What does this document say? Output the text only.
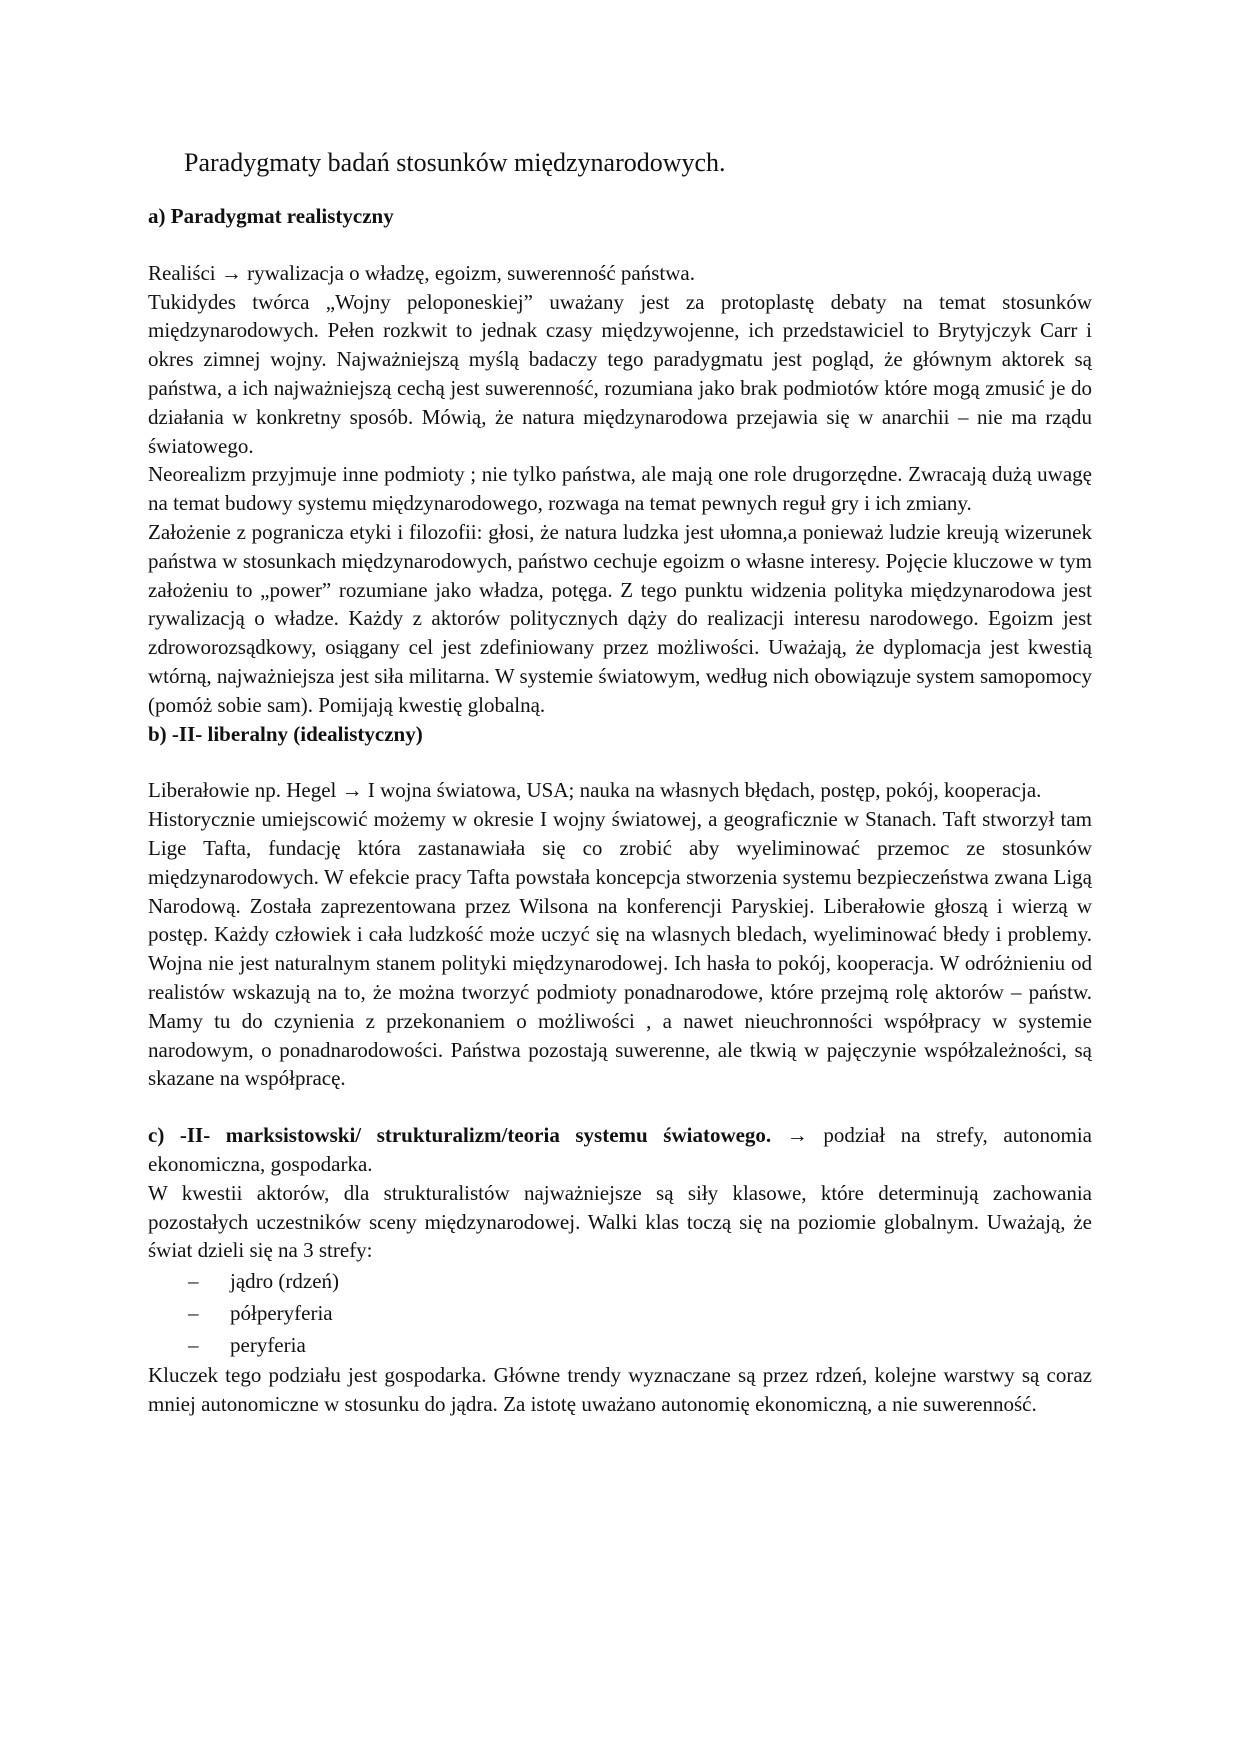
Paradygmaty badań stosunków międzynarodowych.
a) Paradygmat realistyczny

Realiści → rywalizacja o władzę, egoizm, suwerenność państwa.

Tukidydes twórca „Wojny peloponeskiej” uważany jest za protoplastę debaty na temat stosunków międzynarodowych. Pełen rozkwit to jednak czasy międzywojenne, ich przedstawiciel to Brytyjczyk Carr i okres zimnej wojny. Najważniejszą myślą badaczy tego paradygmatu jest pogląd, że głównym aktorek są państwa, a ich najważniejszą cechą jest suwerenność, rozumiana jako brak podmiotów które mogą zmusić je do działania w konkretny sposób. Mówią, że natura międzynarodowa przejawia się w anarchii – nie ma rządu światowego.

Neorealizm przyjmuje inne podmioty ; nie tylko państwa, ale mają one role drugorzędne. Zwracają dużą uwagę na temat budowy systemu międzynarodowego, rozwaga na temat pewnych reguł gry i ich zmiany.

Założenie z pogranicza etyki i filozofii: głosi, że natura ludzka jest ułomna,a ponieważ ludzie kreują wizerunek państwa w stosunkach międzynarodowych, państwo cechuje egoizm o własne interesy. Pojęcie kluczowe w tym założeniu to „power” rozumiane jako władza, potęga. Z tego punktu widzenia polityka międzynarodowa jest rywalizacją o władze. Każdy z aktorów politycznych dąży do realizacji interesu narodowego. Egoizm jest zdroworozsądkowy, osiągany cel jest zdefiniowany przez możliwości. Uważają, że dyplomacja jest kwestią wtórną, najważniejsza jest siła militarna. W systemie światowym, według nich obowiązuje system samopomocy (pomóż sobie sam). Pomijają kwestię globalną.

b) -II- liberalny (idealistyczny)

Liberałowie np. Hegel → I wojna światowa, USA; nauka na własnych błędach, postęp, pokój, kooperacja.

Historycznie umiejscowić możemy w okresie I wojny światowej, a geograficznie w Stanach. Taft stworzył tam Lige Tafta, fundację która zastanawiała się co zrobić aby wyeliminować przemoc ze stosunków międzynarodowych. W efekcie pracy Tafta powstała koncepcja stworzenia systemu bezpieczeństwa zwana Ligą Narodową. Została zaprezentowana przez Wilsona na konferencji Paryskiej. Liberałowie głoszą i wierzą w postęp. Każdy człowiek i cała ludzkość może uczyć się na wlasnych bledach, wyeliminować błedy i problemy. Wojna nie jest naturalnym stanem polityki międzynarodowej. Ich hasła to pokój, kooperacja. W odróżnieniu od realistów wskazują na to, że można tworzyć podmioty ponadnarodowe, które przejmą rolę aktorów – państw. Mamy tu do czynienia z przekonaniem o możliwości , a nawet nieuchronności współpracy w systemie narodowym, o ponadnarodowości. Państwa pozostają suwerenne, ale tkwią w pajęczynie współzależności, są skazane na współpracę.

c) -II- marksistowski/ strukturalizm/teoria systemu światowego. → podział na strefy, autonomia ekonomiczna, gospodarka.

W kwestii aktorów, dla strukturalistów najważniejsze są siły klasowe, które determinują zachowania pozostałych uczestników sceny międzynarodowej. Walki klas toczą się na poziomie globalnym. Uważają, że świat dzieli się na 3 strefy:

– jądro (rdzeń)
– półperyferia
– peryferia

Kluczek tego podziału jest gospodarka. Główne trendy wyznaczane są przez rdzeń, kolejne warstwy są coraz mniej autonomiczne w stosunku do jądra. Za istotę uważano autonomię ekonomiczną, a nie suwerenność.
